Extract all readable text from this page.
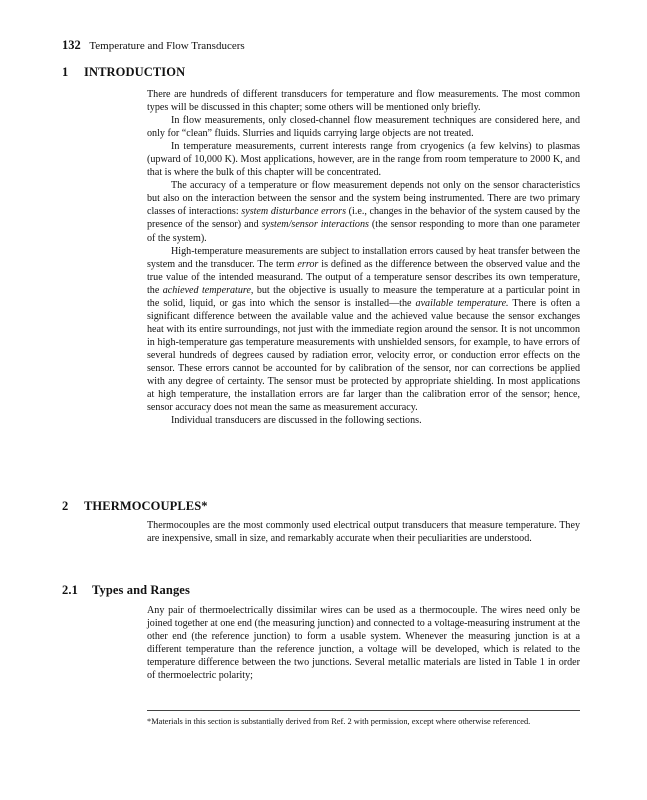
132 Temperature and Flow Transducers
1 INTRODUCTION

There are hundreds of different transducers for temperature and flow measurements. The most common types will be discussed in this chapter; some others will be mentioned only briefly.

In flow measurements, only closed-channel flow measurement techniques are considered here, and only for “clean” fluids. Slurries and liquids carrying large objects are not treated.

In temperature measurements, current interests range from cryogenics (a few kelvins) to plasmas (upward of 10,000 K). Most applications, however, are in the range from room temperature to 2000 K, and that is where the bulk of this chapter will be concentrated.

The accuracy of a temperature or flow measurement depends not only on the sensor characteristics but also on the interaction between the sensor and the system being instrumented. There are two primary classes of interactions: system disturbance errors (i.e., changes in the behavior of the system caused by the presence of the sensor) and system/sensor interactions (the sensor responding to more than one parameter of the system).

High-temperature measurements are subject to installation errors caused by heat transfer between the system and the transducer. The term error is defined as the difference between the observed value and the true value of the intended measurand. The output of a temperature sensor describes its own temperature, the achieved temperature, but the objective is usually to measure the temperature at a particular point in the solid, liquid, or gas into which the sensor is installed—the available temperature. There is often a significant difference between the available value and the achieved value because the sensor exchanges heat with its entire surroundings, not just with the immediate region around the sensor. It is not uncommon in high-temperature gas temperature measurements with unshielded sensors, for example, to have errors of several hundreds of degrees caused by radiation error, velocity error, or conduction error effects on the sensor. These errors cannot be accounted for by calibration of the sensor, nor can corrections be applied with any degree of certainty. The sensor must be protected by appropriate shielding. In most applications at high temperature, the installation errors are far larger than the calibration error of the sensor; hence, sensor accuracy does not mean the same as measurement accuracy.

Individual transducers are discussed in the following sections.

2 THERMOCOUPLES*

Thermocouples are the most commonly used electrical output transducers that measure temperature. They are inexpensive, small in size, and remarkably accurate when their peculiarities are understood.

2.1 Types and Ranges

Any pair of thermoelectrically dissimilar wires can be used as a thermocouple. The wires need only be joined together at one end (the measuring junction) and connected to a voltage-measuring instrument at the other end (the reference junction) to form a usable system. Whenever the measuring junction is at a different temperature than the reference junction, a voltage will be developed, which is related to the temperature difference between the two junctions. Several metallic materials are listed in Table 1 in order of thermoelectric polarity;

*Materials in this section is substantially derived from Ref. 2 with permission, except where otherwise referenced.
